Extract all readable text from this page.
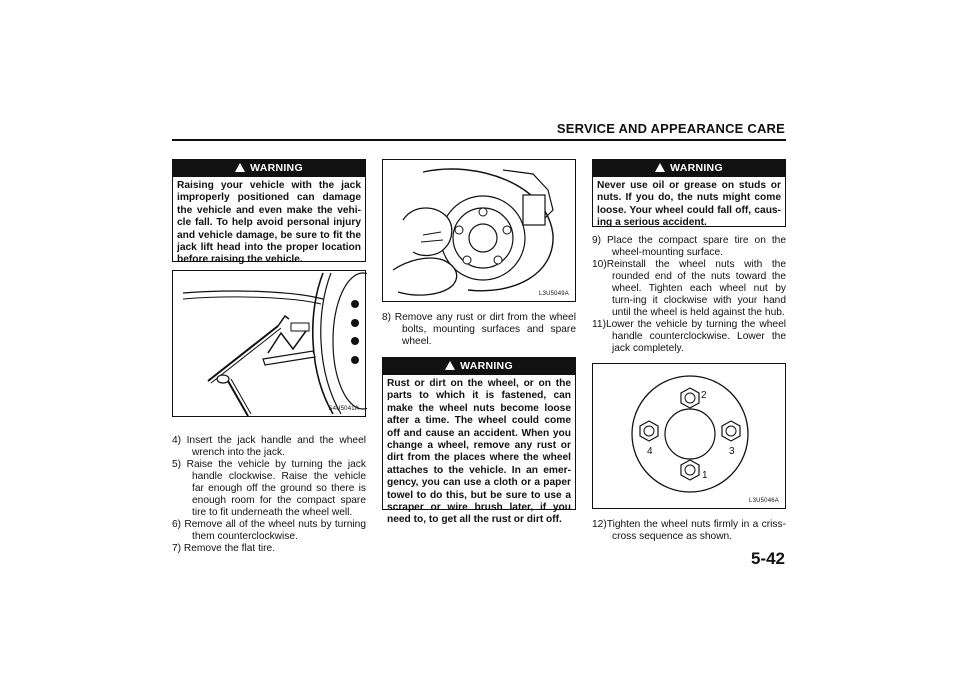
SERVICE AND APPEARANCE CARE
WARNING
Raising your vehicle with the jack improperly positioned can damage the vehicle and even make the vehi-cle fall. To help avoid personal injury and vehicle damage, be sure to fit the jack lift head into the proper location before raising the vehicle.
S4U5041A
4) Insert the jack handle and the wheel wrench into the jack.
5) Raise the vehicle by turning the jack handle clockwise. Raise the vehicle far enough off the ground so there is enough room for the compact spare tire to fit underneath the wheel well.
6) Remove all of the wheel nuts by turning them counterclockwise.
7) Remove the flat tire.
L3U5049A
8) Remove any rust or dirt from the wheel bolts, mounting surfaces and spare wheel.
WARNING
Rust or dirt on the wheel, or on the parts to which it is fastened, can make the wheel nuts become loose after a time. The wheel could come off and cause an accident. When you change a wheel, remove any rust or dirt from the places where the wheel attaches to the vehicle. In an emer-gency, you can use a cloth or a paper towel to do this, but be sure to use a scraper or wire brush later, if you need to, to get all the rust or dirt off.
WARNING
Never use oil or grease on studs or nuts. If you do, the nuts might come loose. Your wheel could fall off, caus-ing a serious accident.
9) Place the compact spare tire on the wheel-mounting surface.
10)Reinstall the wheel nuts with the rounded end of the nuts toward the wheel. Tighten each wheel nut by turn-ing it clockwise with your hand until the wheel is held against the hub.
11)Lower the vehicle by turning the wheel handle counterclockwise. Lower the jack completely.
1
2
3
4
L3U5046A
12)Tighten the wheel nuts firmly in a criss-cross sequence as shown.
5-42
